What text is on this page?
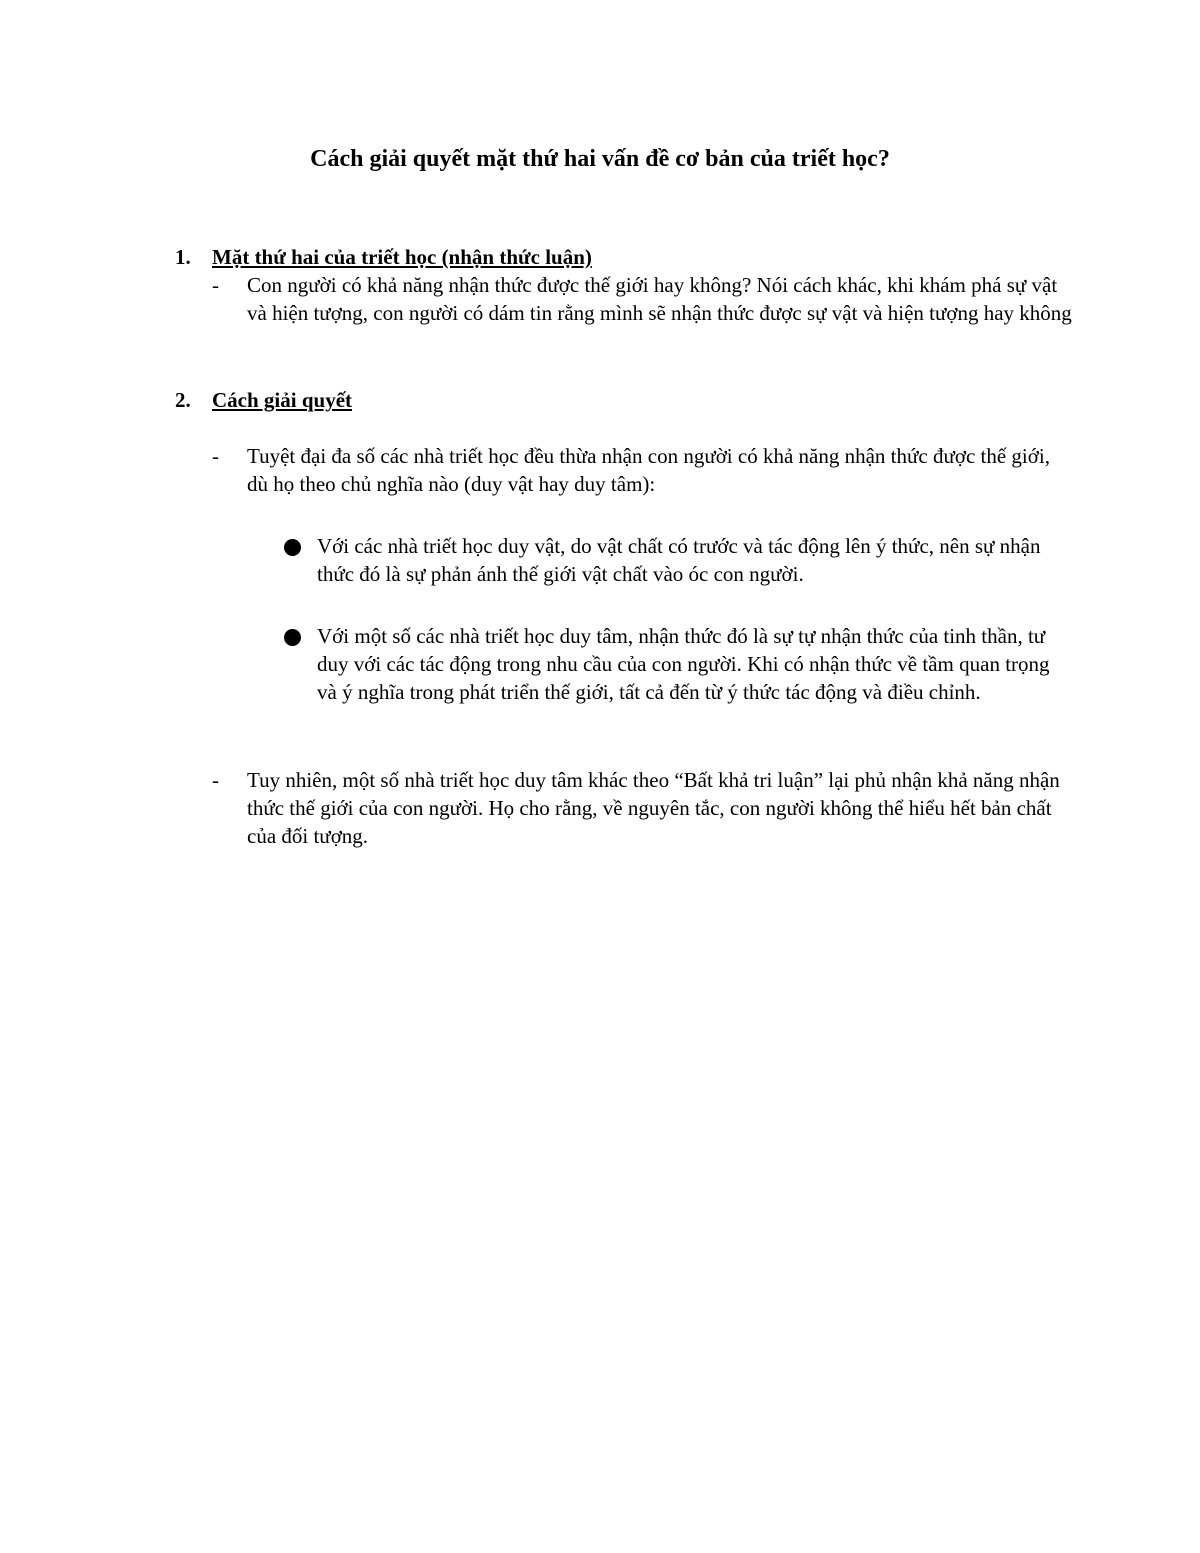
Cách giải quyết mặt thứ hai vấn đề cơ bản của triết học?
1. Mặt thứ hai của triết học (nhận thức luận)
-	Con người có khả năng nhận thức được thế giới hay không? Nói cách khác, khi khám phá sự vật và hiện tượng, con người có dám tin rằng mình sẽ nhận thức được sự vật và hiện tượng hay không
2. Cách giải quyết
-	Tuyệt đại đa số các nhà triết học đều thừa nhận con người có khả năng nhận thức được thế giới, dù họ theo chủ nghĩa nào (duy vật hay duy tâm):
Với các nhà triết học duy vật, do vật chất có trước và tác động lên ý thức, nên sự nhận thức đó là sự phản ánh thế giới vật chất vào óc con người.
Với một số các nhà triết học duy tâm, nhận thức đó là sự tự nhận thức của tinh thần, tư duy với các tác động trong nhu cầu của con người. Khi có nhận thức về tầm quan trọng và ý nghĩa trong phát triển thế giới, tất cả đến từ ý thức tác động và điều chỉnh.
-	Tuy nhiên, một số nhà triết học duy tâm khác theo “Bất khả tri luận” lại phủ nhận khả năng nhận thức thế giới của con người. Họ cho rằng, về nguyên tắc, con người không thể hiểu hết bản chất của đối tượng.
